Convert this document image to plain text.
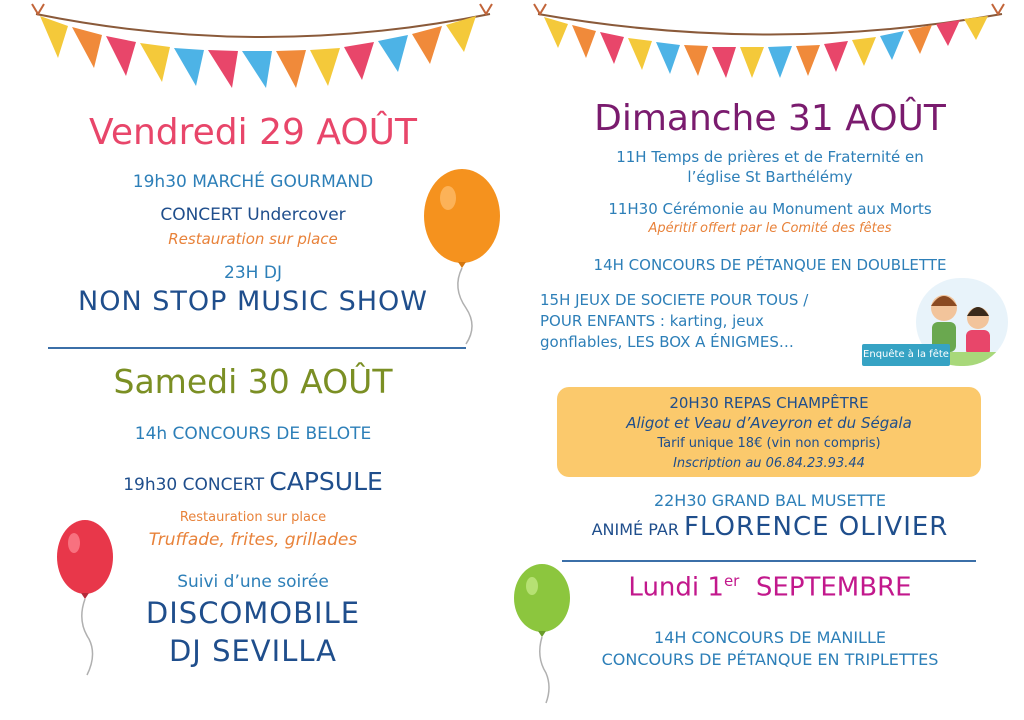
Enquête à la fête
Vendredi 29 AOÛT
19h30 MARCHÉ GOURMAND
CONCERT Undercover
Restauration sur place
23H DJ
NON STOP MUSIC SHOW
Samedi 30 AOÛT
14h CONCOURS DE BELOTE
19h30 CONCERT CAPSULE
Restauration sur place
Truffade, frites, grillades
Suivi d’une soirée
DISCOMOBILE
DJ SEVILLA
Dimanche 31 AOÛT
11H Temps de prières et de Fraternité en
l’église St Barthélémy
11H30 Cérémonie au Monument aux Morts
Apéritif offert par le Comité des fêtes
14H CONCOURS DE PÉTANQUE EN DOUBLETTE
15H JEUX DE SOCIETE POUR TOUS /
POUR ENFANTS : karting, jeux
gonflables, LES BOX A ÉNIGMES…
20H30 REPAS CHAMPÊTRE
Aligot et Veau d’Aveyron et du Ségala
Tarif unique 18€ (vin non compris)
Inscription au 06.84.23.93.44
22H30 GRAND BAL MUSETTE
ANIMÉ PAR FLORENCE OLIVIER
Lundi 1er SEPTEMBRE
14H CONCOURS DE MANILLE
CONCOURS DE PÉTANQUE EN TRIPLETTES
